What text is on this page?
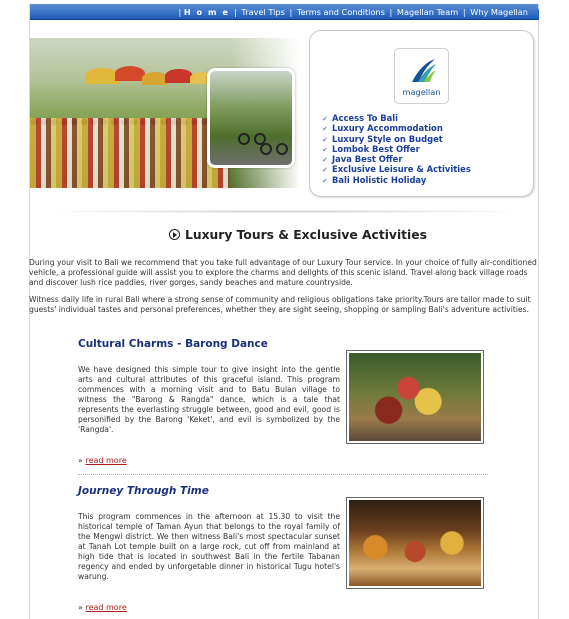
| H o m e | Travel Tips | Terms and Conditions | Magellan Team | Why Magellan
magellan
✔ Access To Bali
✔ Luxury Accommodation
✔ Luxury Style on Budget
✔ Lombok Best Offer
✔ Java Best Offer
✔ Exclusive Leisure & Activities
✔ Bali Holistic Holiday
Luxury Tours & Exclusive Activities
During your visit to Bali we recommend that you take full advantage of our Luxury Tour service. In your choice of fully air-conditioned vehicle, a professional guide will assist you to explore the charms and delights of this scenic island. Travel along back village roads and discover lush rice paddies, river gorges, sandy beaches and mature countryside.
Witness daily life in rural Bali where a strong sense of community and religious obligations take priority.Tours are tailor made to suit guests' individual tastes and personal preferences, whether they are sight seeing, shopping or sampling Bali's adventure activities.
Cultural Charms - Barong Dance
We have designed this simple tour to give insight into the gentle arts and cultural attributes of this graceful island. This program commences with a morning visit and to Batu Bulan village to witness the "Barong & Rangda" dance, which is a tale that represents the everlasting struggle between, good and evil, good is personified by the Barong 'Keket', and evil is symbolized by the 'Rangda'.
» read more
Journey Through Time
This program commences in the afternoon at 15.30 to visit the historical temple of Taman Ayun that belongs to the royal family of the Mengwi district. We then witness Bali's most spectacular sunset at Tanah Lot temple built on a large rock, cut off from mainland at high tide that is located in southwest Bali in the fertile Tabanan regency and ended by unforgetable dinner in historical Tugu hotel's warung.
» read more
